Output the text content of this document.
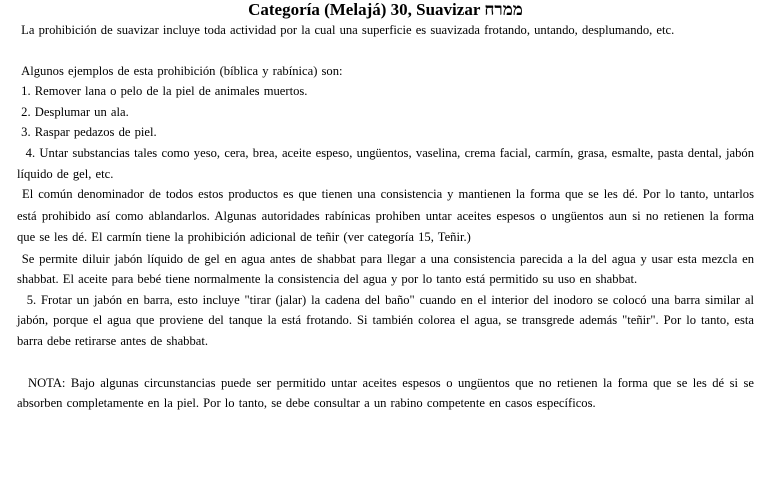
Categoría (Melajá) 30, Suavizar ממרח

La prohibición de suavizar incluye toda actividad por la cual una superficie es suavizada frotando, untando, desplumando, etc.

Algunos ejemplos de esta prohibición (bíblica y rabínica) son:

1. Remover lana o pelo de la piel de animales muertos.

2. Desplumar un ala.

3. Raspar pedazos de piel.

4. Untar substancias tales como yeso, cera, brea, aceite espeso, ungüentos, vaselina, crema facial, carmín, grasa, esmalte, pasta dental, jabón líquido de gel, etc.

El común denominador de todos estos productos es que tienen una consistencia y mantienen la forma que se les dé. Por lo tanto, untarlos está prohibido así como ablandarlos. Algunas autoridades rabínicas prohiben untar aceites espesos o ungüentos aun si no retienen la forma que se les dé. El carmín tiene la prohibición adicional de teñir (ver categoría 15, Teñir.)

Se permite diluir jabón líquido de gel en agua antes de shabbat para llegar a una consistencia parecida a la del agua y usar esta mezcla en shabbat. El aceite para bebé tiene normalmente la consistencia del agua y por lo tanto está permitido su uso en shabbat.

5. Frotar un jabón en barra, esto incluye "tirar (jalar) la cadena del baño" cuando en el interior del inodoro se colocó una barra similar al jabón, porque el agua que proviene del tanque la está frotando. Si también colorea el agua, se transgrede además "teñir". Por lo tanto, esta barra debe retirarse antes de shabbat.

NOTA: Bajo algunas circunstancias puede ser permitido untar aceites espesos o ungüentos que no retienen la forma que se les dé si se absorben completamente en la piel. Por lo tanto, se debe consultar a un rabino competente en casos específicos.
